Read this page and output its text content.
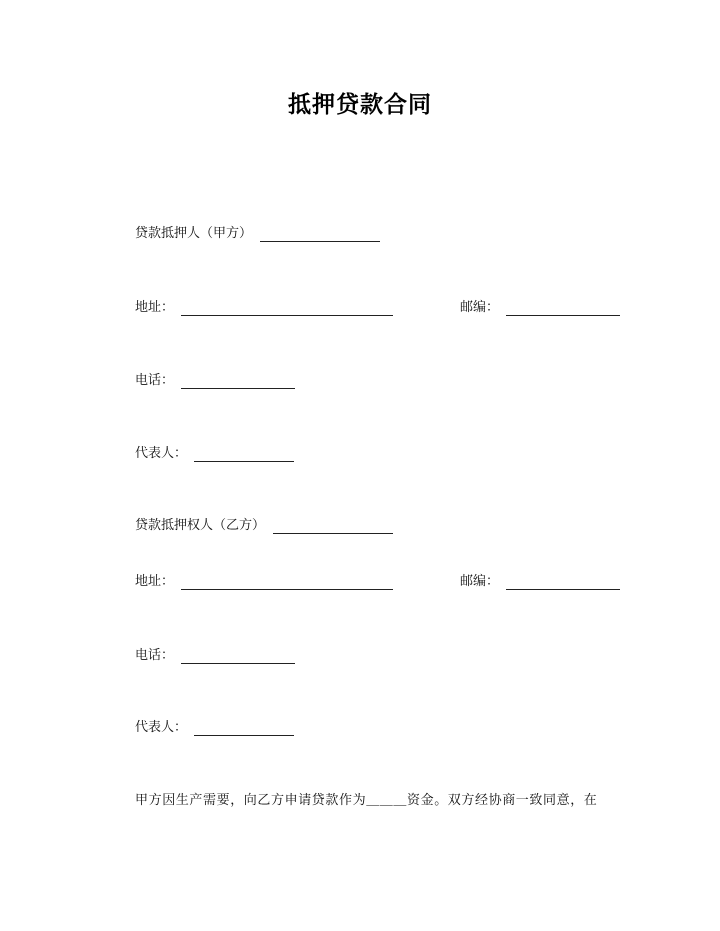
抵押贷款合同
贷款抵押人（甲方）
地址：	邮编：
电话：
代表人：
贷款抵押权人（乙方）
地址：	邮编：
电话：
代表人：
甲方因生产需要，向乙方申请贷款作为＿＿＿资金。双方经协商一致同意，在
